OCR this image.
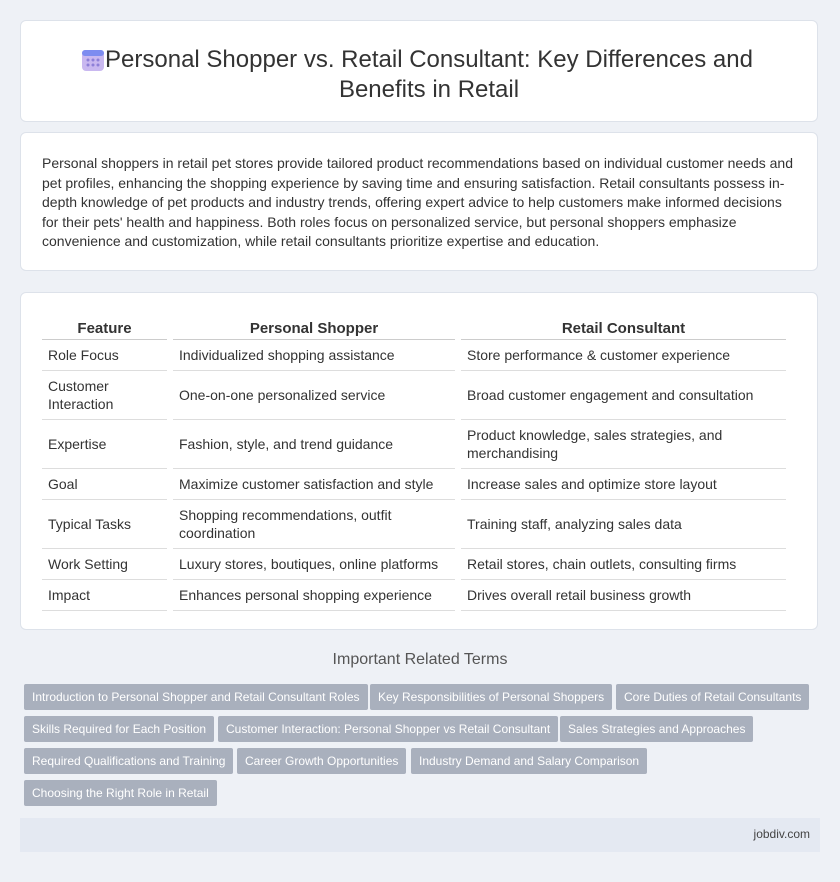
Personal Shopper vs. Retail Consultant: Key Differences and Benefits in Retail
Personal shoppers in retail pet stores provide tailored product recommendations based on individual customer needs and pet profiles, enhancing the shopping experience by saving time and ensuring satisfaction. Retail consultants possess in-depth knowledge of pet products and industry trends, offering expert advice to help customers make informed decisions for their pets' health and happiness. Both roles focus on personalized service, but personal shoppers emphasize convenience and customization, while retail consultants prioritize expertise and education.
Feature	Personal Shopper	Retail Consultant
Role Focus	Individualized shopping assistance	Store performance & customer experience
Customer Interaction	One-on-one personalized service	Broad customer engagement and consultation
Expertise	Fashion, style, and trend guidance	Product knowledge, sales strategies, and merchandising
Goal	Maximize customer satisfaction and style	Increase sales and optimize store layout
Typical Tasks	Shopping recommendations, outfit coordination	Training staff, analyzing sales data
Work Setting	Luxury stores, boutiques, online platforms	Retail stores, chain outlets, consulting firms
Impact	Enhances personal shopping experience	Drives overall retail business growth
Important Related Terms
Introduction to Personal Shopper and Retail Consultant Roles	Key Responsibilities of Personal Shoppers	Core Duties of Retail Consultants
Skills Required for Each Position	Customer Interaction: Personal Shopper vs Retail Consultant	Sales Strategies and Approaches
Required Qualifications and Training	Career Growth Opportunities	Industry Demand and Salary Comparison
Choosing the Right Role in Retail
jobdiv.com
